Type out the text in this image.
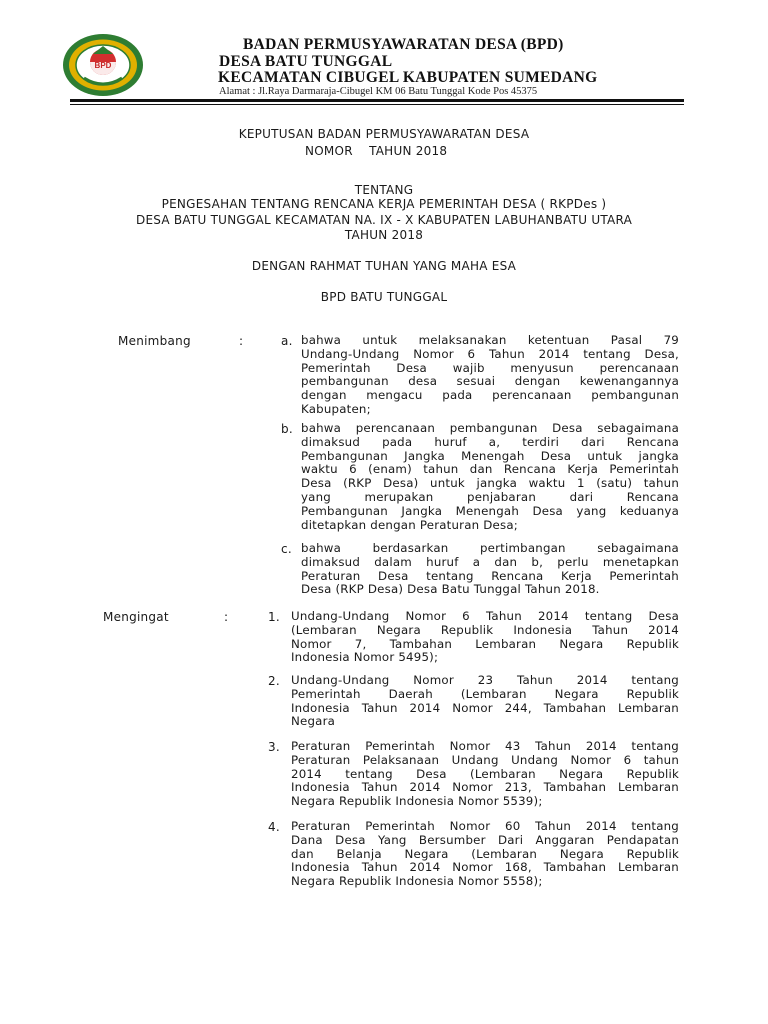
BPD
BADAN PERMUSYAWARATAN DESA (BPD)
DESA BATU TUNGGAL
KECAMATAN CIBUGEL KABUPATEN SUMEDANG
Alamat : Jl.Raya Darmaraja-Cibugel KM 06 Batu Tunggal Kode Pos 45375
KEPUTUSAN BADAN PERMUSYAWARATAN DESA
NOMOR    TAHUN 2018
TENTANG
PENGESAHAN TENTANG RENCANA KERJA PEMERINTAH DESA ( RKPDes )
DESA BATU TUNGGAL KECAMATAN NA. IX - X KABUPATEN LABUHANBATU UTARA
TAHUN 2018
DENGAN RAHMAT TUHAN YANG MAHA ESA
BPD BATU TUNGGAL
Menimbang	:	a. bahwa untuk melaksanakan ketentuan Pasal 79
Undang-Undang Nomor 6 Tahun 2014 tentang Desa,
Pemerintah Desa wajib menyusun perencanaan
pembangunan desa sesuai dengan kewenangannya
dengan mengacu pada perencanaan pembangunan
Kabupaten;
b. bahwa perencanaan pembangunan Desa sebagaimana
dimaksud pada huruf a, terdiri dari Rencana
Pembangunan Jangka Menengah Desa untuk jangka
waktu 6 (enam) tahun dan Rencana Kerja Pemerintah
Desa (RKP Desa) untuk jangka waktu 1 (satu) tahun
yang merupakan penjabaran dari Rencana
Pembangunan Jangka Menengah Desa yang keduanya
ditetapkan dengan Peraturan Desa;
c. bahwa berdasarkan pertimbangan sebagaimana
dimaksud dalam huruf a dan b, perlu menetapkan
Peraturan Desa tentang Rencana Kerja Pemerintah
Desa (RKP Desa) Desa Batu Tunggal Tahun 2018.
Mengingat	:	1. Undang-Undang Nomor 6 Tahun 2014 tentang Desa
(Lembaran Negara Republik Indonesia Tahun 2014
Nomor 7, Tambahan Lembaran Negara Republik
Indonesia Nomor 5495);
2. Undang-Undang Nomor 23 Tahun 2014 tentang
Pemerintah Daerah (Lembaran Negara Republik
Indonesia Tahun 2014 Nomor 244, Tambahan Lembaran
Negara
3. Peraturan Pemerintah Nomor 43 Tahun 2014 tentang
Peraturan Pelaksanaan Undang Undang Nomor 6 tahun
2014 tentang Desa (Lembaran Negara Republik
Indonesia Tahun 2014 Nomor 213, Tambahan Lembaran
Negara Republik Indonesia Nomor 5539);
4. Peraturan Pemerintah Nomor 60 Tahun 2014 tentang
Dana Desa Yang Bersumber Dari Anggaran Pendapatan
dan Belanja Negara (Lembaran Negara Republik
Indonesia Tahun 2014 Nomor 168, Tambahan Lembaran
Negara Republik Indonesia Nomor 5558);
